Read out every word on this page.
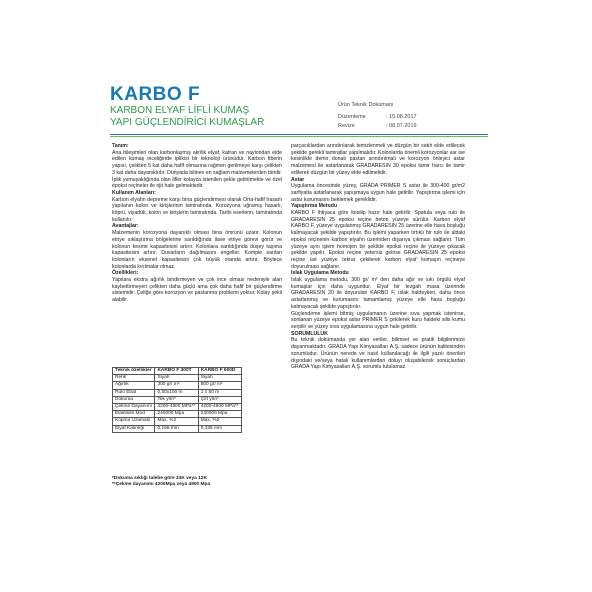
KARBO F
KARBON ELYAF LİFLİ KUMAŞ
YAPI GÜÇLENDİRİCİ KUMAŞLAR
Ürün Teknik Dokümanı
Düzenleme	: 15.08.2017
Revize	: 08.07.2019

Tanım:

Ana bileşimleri olan karbonlaşmış akrilik elyaf, katran ve naylondan elde edilen kumaş inceliğinde iplikisi bir teknoloji ürünüdür. Karbon fiberin yapısı, çelikten 5 kat daha hafif olmasına rağmen gerilmeye karşı çelikten 3 kat daha dayanıklıdır. Dünyada bilinen en sağlam malzemelerden biridir. İplik yumuşaklığında olan lifler kolayca istenilen şekle getirilmekte ve özel epoksi reçineler ile rijit hale gelmektedir.

Kullanım Alanları:

Karbon elyafın depreme karşı bina güçlendirmesi olarak Orta-hafif hasarlı yapılanın kolon ve kirişlerinin tamiratında. Korozyona uğramış hasarlı, köprü, viyadük, kolon ve kirişlerin tamiratında. Tarihi eserlerin, tamiratında kullanılır.

Avantajlar:

Malzemenin korozyona dayanıklı olması bina ömrünü uzatır. Kolonun etriye sıklaştırma bölgelerine sarıldığında ilave etriye görevi görür ve kolonun kesme kapasitesini artırır. Kolonlara sarıldığında düşey taşıma kapasitesini artırır. Duvarların dağılmasını engeller. Komple sarılan kolonların eksenel kapasitesini çok büyük oranda artırır. Böylece kolonlarda kırılmalar olmaz.

Özellikleri:

Yapılara ekstra ağırlık bindirmeyen ve çok ince olması nedeniyle alan kaybettirmeyen çelikten daha güçlü ama çok daha hafif bir güçlendirme sistemidir. Çeliğe göre korozyon ve paslanma problemi yoktur. Kolay şekil alabilir.

Teknik özellikler	KARBO F 300T	KARBO F 600D
Renk	Siyah	Siyah
Ağırlık	300 gr/ m²	600 gr/ m²
Rulo Ebat	0,50x100 m	1 x 50 m
Dokuma	Tek yön*	Çift yön*
Çekme Dayanımı	4200-4900 MPa**	4200-4900 MPa**
Elastisite Mod	240000 Mpa	240000 Mpa
Kopma Uzaması	Max. %2	Max. %2
Elyaf Kalınlığı	0,166 mm	0,335 mm
*Dokuma sıklığı talebe göre 24K veya 12K
**Çekme dayanımı 4200Mpa veya 4900 Mpa

parçacıklardan arındırılarak temizlenmeli ve düzgün bir satıh elde edilecek şekilde gerekli tamiratlar yapılmalıdır. Kolonlarda önemli korozyonlar var ise kesinlikle demir donatı pastan arındırılmalı ve korozyon önleyici astar malzemesi ile astarlanarak GRADARESIN 30 epoksi tamir harcı ile tamir edilerek düzgün bir yüzey elde edilmelidir.

Astar

Uygulama öncesinde yüzey, GRADA PRIMER S astar ile 300-400 gr/m2 sarfiyatla astarlanarak yapışmaya uygun hale getirilir. Yapıştırma işlemi için astar kurumasını beklemek gereklidir.

Yapıştırma Metodu

KARBO F ihtiyaca göre kesilip hazır hale getirilir. Spatula veya rulo ile GRADARESIN 25 epoksi reçine beton yüzeye sürülür. Karbon elyaf KARBO F, yüzeye uygulanmış GRADARESIN 25 üzerine elle hava boşluğu kalmayacak şekilde yapıştırılır. Bu işlemi yaparken tırtıklı bir rulo ile alttaki epoksi reçinenin karbon elyafın üzerinden dışarıya çıkması sağlanır. Tüm yüzeye aynı işlem homojen bir şekilde epoksi reçine ile yüzeye çıkacak şekilde yapılır. Epoksi reçine yetersiz gelirse GRADARESIN 25 epoksi reçine üst yüzeye tekrar çekilerek karbon elyaf kumaşın reçineye doyurulması sağlanır.

Islak Uygulama Metodu

Islak uygulama metodu, 300 gr/ m² den daha ağır ve sıkı örgülü elyaf kumaşlar için daha uygundur. Elyaf bir tezgah masa üzerinde GRADARESIN 20 ile doyurulan KARBO F, ıslak haldeyken, daha önce astarlanmış ve kurumasını tamamlamış yüzeye elle hava boşluğu kalmayacak şekilde yapıştırılır.

Güçlendirme işlemi bitmiş uygulamanın üzerine sıva yapmak istenirse, sonlanan yüzeye epoksi astar PRIMER S çekilerek kuru haldeki silis kumu serpilir ve yüzey sıva uygulamasına uygun hale getirilir.

SORUMLULUK

Bu teknik dokümanda yer alan veriler, bilimsel ve pratik bilgilerimize dayanmaktadır. GRADA Yapı Kimyasalları A.Ş. sadece ürünün kalitesinden sorumludur. Ürünün nerede ve nasıl kullanılacağı ile ilgili yazılı önerileri dışındaki ve/veya hatalı kullanımlardan doluyı oluşabilecek sonuçlardan GRADA Yapı Kimyasalları A.Ş. sorumlu tutulamaz.
